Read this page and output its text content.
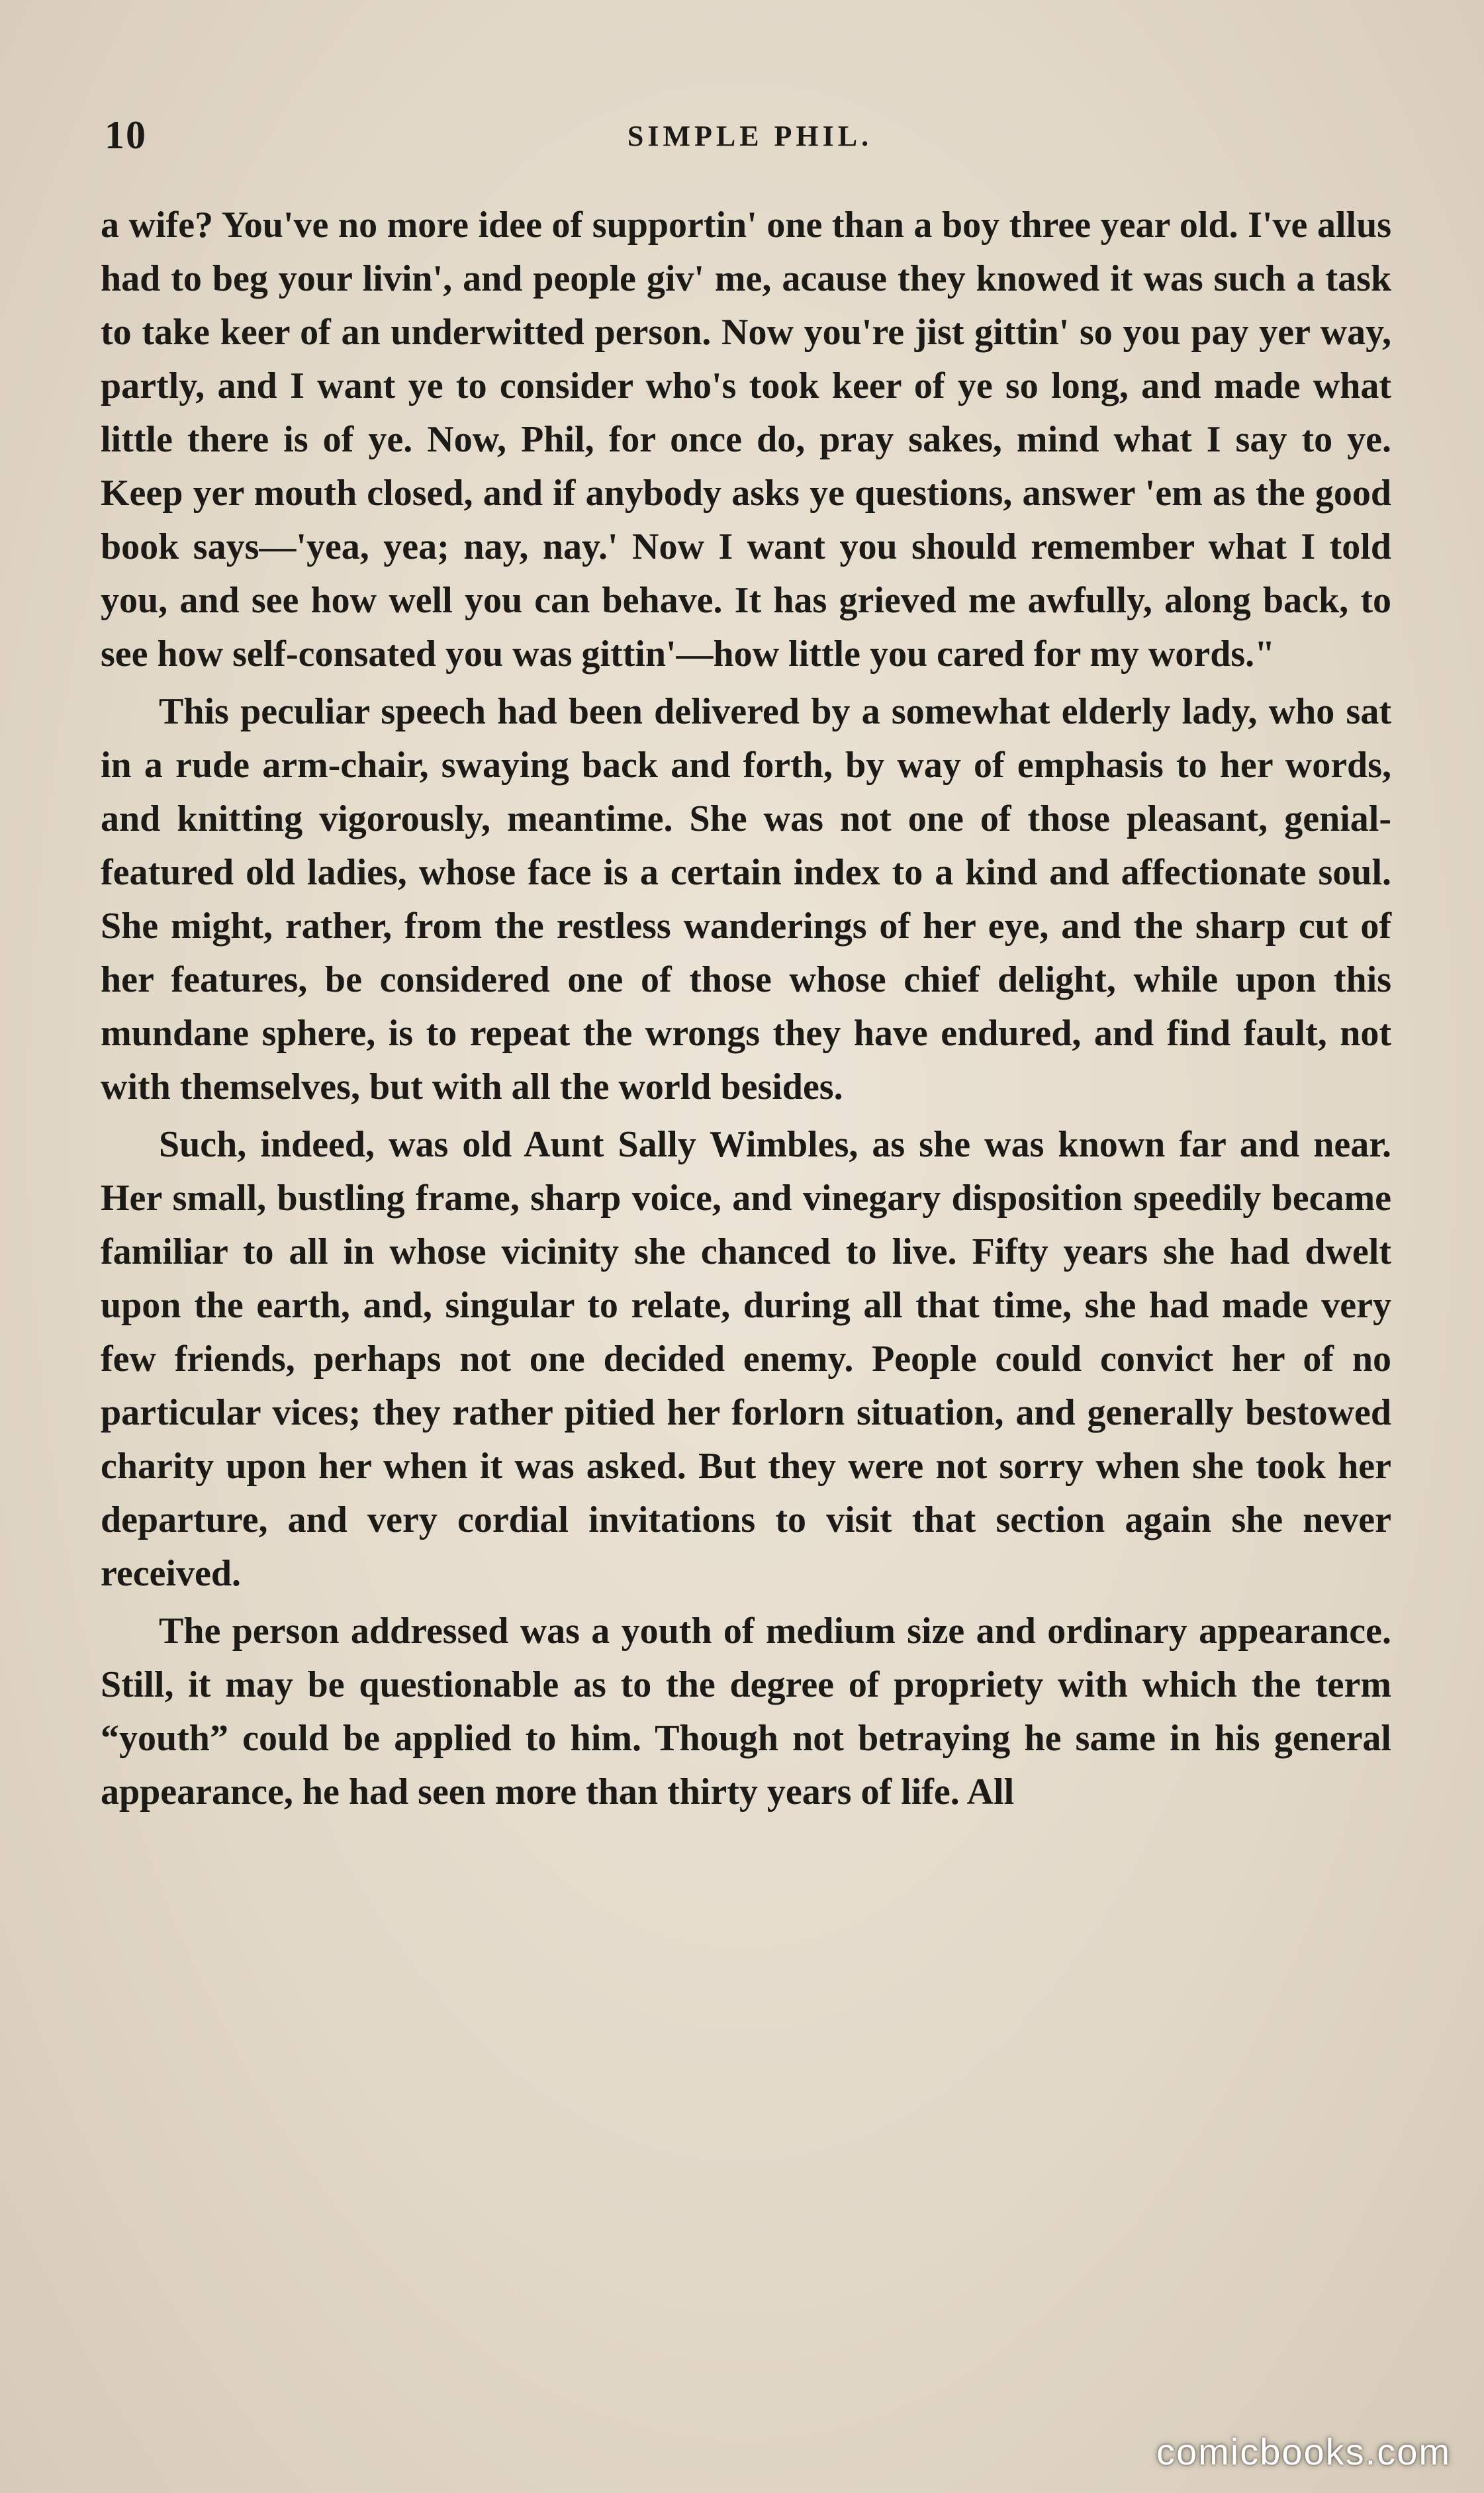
10	SIMPLE PHIL.

a wife? You've no more idee of supportin' one than a boy three year old. I've allus had to beg your livin', and people giv' me, acause they knowed it was such a task to take keer of an underwitted person. Now you're jist gittin' so you pay yer way, partly, and I want ye to consider who's took keer of ye so long, and made what little there is of ye. Now, Phil, for once do, pray sakes, mind what I say to ye. Keep yer mouth closed, and if anybody asks ye questions, answer 'em as the good book says—'yea, yea; nay, nay.' Now I want you should remember what I told you, and see how well you can behave. It has grieved me awfully, along back, to see how self-consated you was gittin'—how little you cared for my words."

This peculiar speech had been delivered by a somewhat elderly lady, who sat in a rude arm-chair, swaying back and forth, by way of emphasis to her words, and knitting vigorously, meantime. She was not one of those pleasant, genial-featured old ladies, whose face is a certain index to a kind and affectionate soul. She might, rather, from the restless wanderings of her eye, and the sharp cut of her features, be considered one of those whose chief delight, while upon this mundane sphere, is to repeat the wrongs they have endured, and find fault, not with themselves, but with all the world besides.

Such, indeed, was old Aunt Sally Wimbles, as she was known far and near. Her small, bustling frame, sharp voice, and vinegary disposition speedily became familiar to all in whose vicinity she chanced to live. Fifty years she had dwelt upon the earth, and, singular to relate, during all that time, she had made very few friends, perhaps not one decided enemy. People could convict her of no particular vices; they rather pitied her forlorn situation, and generally bestowed charity upon her when it was asked. But they were not sorry when she took her departure, and very cordial invitations to visit that section again she never received.

The person addressed was a youth of medium size and ordinary appearance. Still, it may be questionable as to the degree of propriety with which the term “youth” could be applied to him. Though not betraying he same in his general appearance, he had seen more than thirty years of life. All

comicbooks.com
